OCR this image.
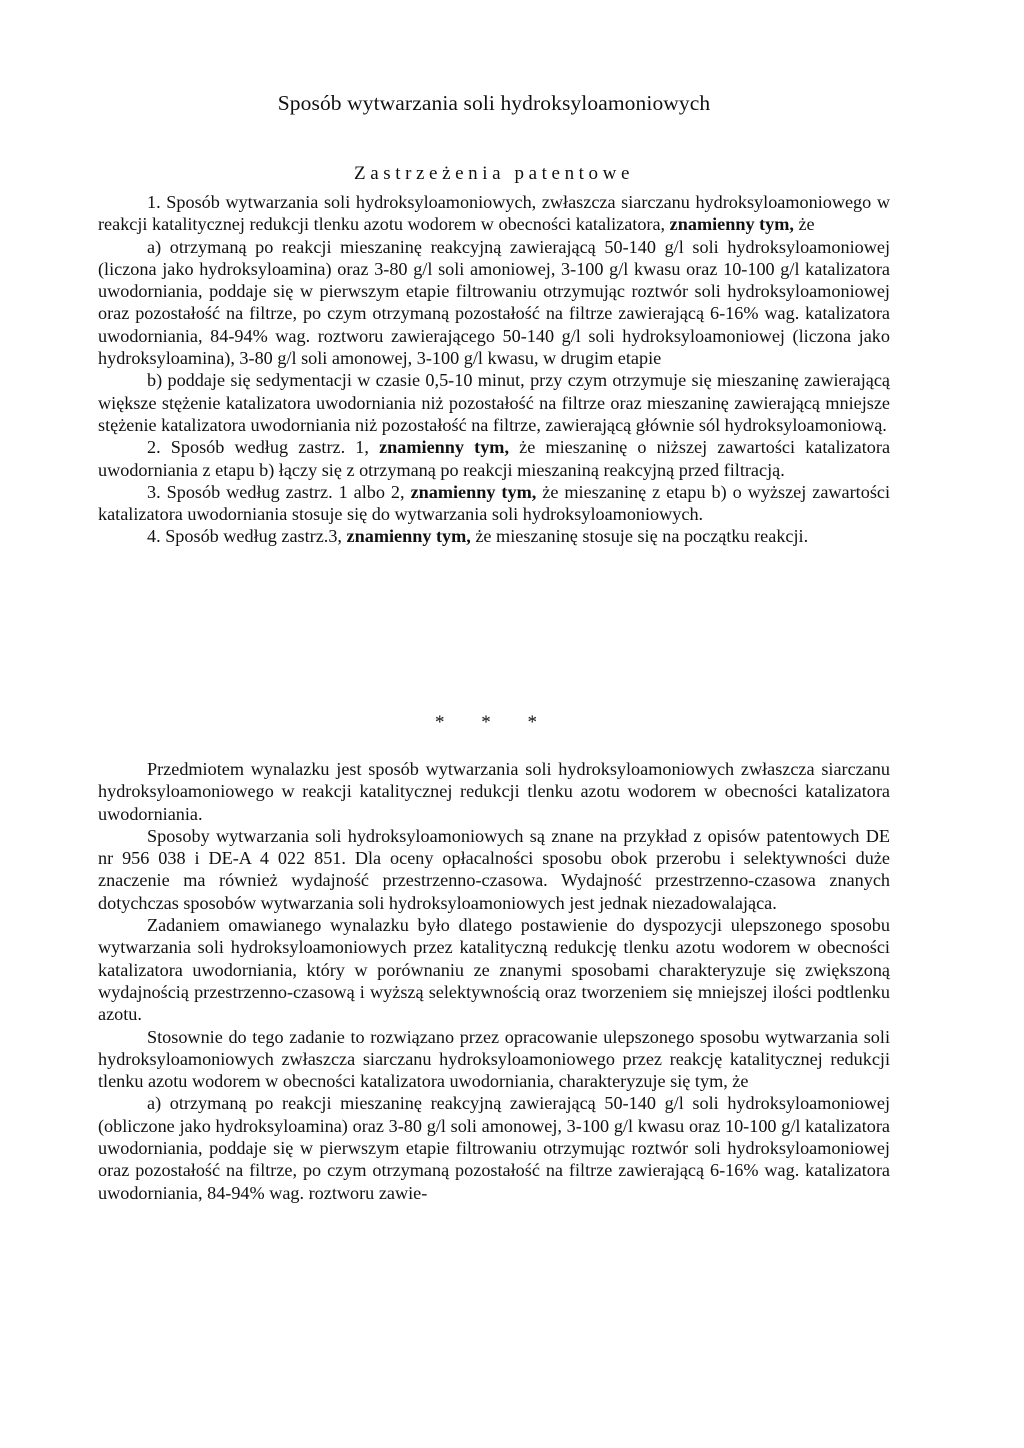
Sposób wytwarzania soli hydroksyloamoniowych
Zastrzeżenia patentowe

1. Sposób wytwarzania soli hydroksyloamoniowych, zwłaszcza siarczanu hydroksyloamoniowego w reakcji katalitycznej redukcji tlenku azotu wodorem w obecności katalizatora, znamienny tym, że

a) otrzymaną po reakcji mieszaninę reakcyjną zawierającą 50-140 g/l soli hydroksyloamoniowej (liczona jako hydroksyloamina) oraz 3-80 g/l soli amoniowej, 3-100 g/l kwasu oraz 10-100 g/l katalizatora uwodorniania, poddaje się w pierwszym etapie filtrowaniu otrzymując roztwór soli hydroksyloamoniowej oraz pozostałość na filtrze, po czym otrzymaną pozostałość na filtrze zawierającą 6-16% wag. katalizatora uwodorniania, 84-94% wag. roztworu zawierającego 50-140 g/l soli hydroksyloamoniowej (liczona jako hydroksyloamina), 3-80 g/l soli amonowej, 3-100 g/l kwasu, w drugim etapie

b) poddaje się sedymentacji w czasie 0,5-10 minut, przy czym otrzymuje się mieszaninę zawierającą większe stężenie katalizatora uwodorniania niż pozostałość na filtrze oraz mieszaninę zawierającą mniejsze stężenie katalizatora uwodorniania niż pozostałość na filtrze, zawierającą głównie sól hydroksyloamoniową.

2. Sposób według zastrz. 1, znamienny tym, że mieszaninę o niższej zawartości katalizatora uwodorniania z etapu b) łączy się z otrzymaną po reakcji mieszaniną reakcyjną przed filtracją.

3. Sposób według zastrz. 1 albo 2, znamienny tym, że mieszaninę z etapu b) o wyższej zawartości katalizatora uwodorniania stosuje się do wytwarzania soli hydroksyloamoniowych.

4. Sposób według zastrz.3, znamienny tym, że mieszaninę stosuje się na początku reakcji.

* * *

Przedmiotem wynalazku jest sposób wytwarzania soli hydroksyloamoniowych zwłaszcza siarczanu hydroksyloamoniowego w reakcji katalitycznej redukcji tlenku azotu wodorem w obecności katalizatora uwodorniania.

Sposoby wytwarzania soli hydroksyloamoniowych są znane na przykład z opisów patentowych DE nr 956 038 i DE-A 4 022 851. Dla oceny opłacalności sposobu obok przerobu i selektywności duże znaczenie ma również wydajność przestrzenno-czasowa. Wydajność przestrzenno-czasowa znanych dotychczas sposobów wytwarzania soli hydroksyloamoniowych jest jednak niezadowalająca.

Zadaniem omawianego wynalazku było dlatego postawienie do dyspozycji ulepszonego sposobu wytwarzania soli hydroksyloamoniowych przez katalityczną redukcję tlenku azotu wodorem w obecności katalizatora uwodorniania, który w porównaniu ze znanymi sposobami charakteryzuje się zwiększoną wydajnością przestrzenno-czasową i wyższą selektywnością oraz tworzeniem się mniejszej ilości podtlenku azotu.

Stosownie do tego zadanie to rozwiązano przez opracowanie ulepszonego sposobu wytwarzania soli hydroksyloamoniowych zwłaszcza siarczanu hydroksyloamoniowego przez reakcję katalitycznej redukcji tlenku azotu wodorem w obecności katalizatora uwodorniania, charakteryzuje się tym, że

a) otrzymaną po reakcji mieszaninę reakcyjną zawierającą 50-140 g/l soli hydroksyloamoniowej (obliczone jako hydroksyloamina) oraz 3-80 g/l soli amonowej, 3-100 g/l kwasu oraz 10-100 g/l katalizatora uwodorniania, poddaje się w pierwszym etapie filtrowaniu otrzymując roztwór soli hydroksyloamoniowej oraz pozostałość na filtrze, po czym otrzymaną pozostałość na filtrze zawierającą 6-16% wag. katalizatora uwodorniania, 84-94% wag. roztworu zawie-
